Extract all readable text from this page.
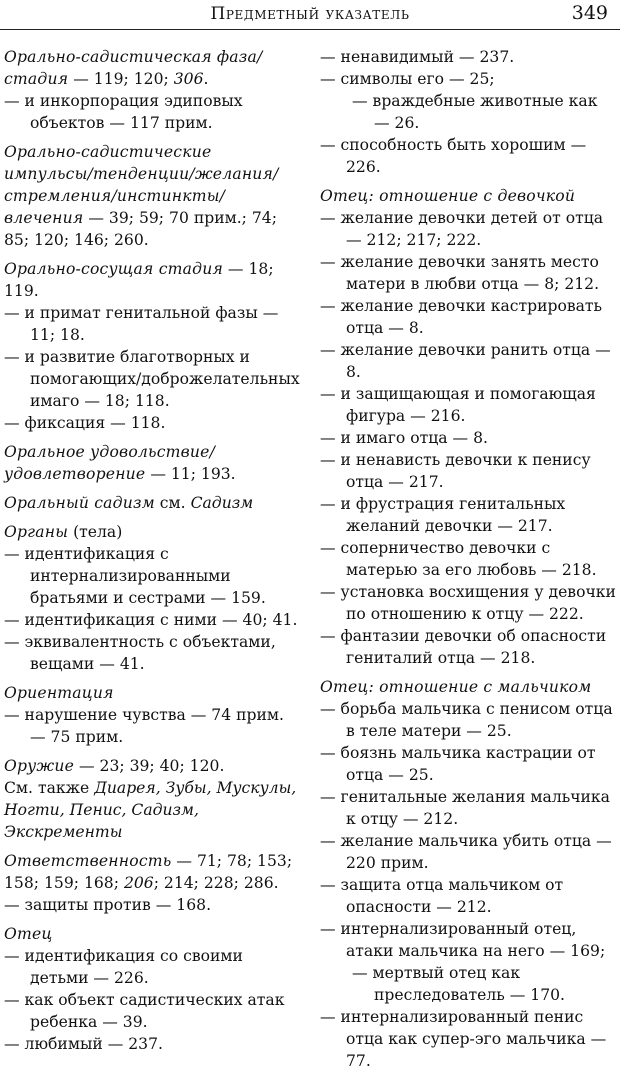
Предметный указатель	349
Орально-садистическая фаза/стадия — 119; 120; 306.
— и инкорпорация эдиповых объектов — 117 прим.
Орально-садистические импульсы/тенденции/желания/стремления/инстинкты/влечения — 39; 59; 70 прим.; 74; 85; 120; 146; 260.
Орально-сосущая стадия — 18; 119.
— и примат генитальной фазы — 11; 18.
— и развитие благотворных и помогающих/доброжелательных имаго — 18; 118.
— фиксация — 118.
Оральное удовольствие/удовлетворение — 11; 193.
Оральный садизм см. Садизм
Органы (тела)
— идентификация с интернализированными братьями и сестрами — 159.
— идентификация с ними — 40; 41.
— эквивалентность с объектами, вещами — 41.
Ориентация
— нарушение чувства — 74 прим. — 75 прим.
Оружие — 23; 39; 40; 120.
См. также Диарея, Зубы, Мускулы, Ногти, Пенис, Садизм, Экскременты
Ответственность — 71; 78; 153; 158; 159; 168; 206; 214; 228; 286.
— защиты против — 168.
Отец
— идентификация со своими детьми — 226.
— как объект садистических атак ребенка — 39.
— любимый — 237.
— ненавидимый — 237.
— символы его — 25;
— враждебные животные как — 26.
— способность быть хорошим — 226.
Отец: отношение с девочкой
— желание девочки детей от отца — 212; 217; 222.
— желание девочки занять место матери в любви отца — 8; 212.
— желание девочки кастрировать отца — 8.
— желание девочки ранить отца — 8.
— и защищающая и помогающая фигура — 216.
— и имаго отца — 8.
— и ненависть девочки к пенису отца — 217.
— и фрустрация генитальных желаний девочки — 217.
— соперничество девочки с матерью за его любовь — 218.
— установка восхищения у девочки по отношению к отцу — 222.
— фантазии девочки об опасности гениталий отца — 218.
Отец: отношение с мальчиком
— борьба мальчика с пенисом отца в теле матери — 25.
— боязнь мальчика кастрации от отца — 25.
— генитальные желания мальчика к отцу — 212.
— желание мальчика убить отца — 220 прим.
— защита отца мальчиком от опасности — 212.
— интернализированный отец, атаки мальчика на него — 169;
— мертвый отец как преследователь — 170.
— интернализированный пенис отца как супер-эго мальчика — 77.
